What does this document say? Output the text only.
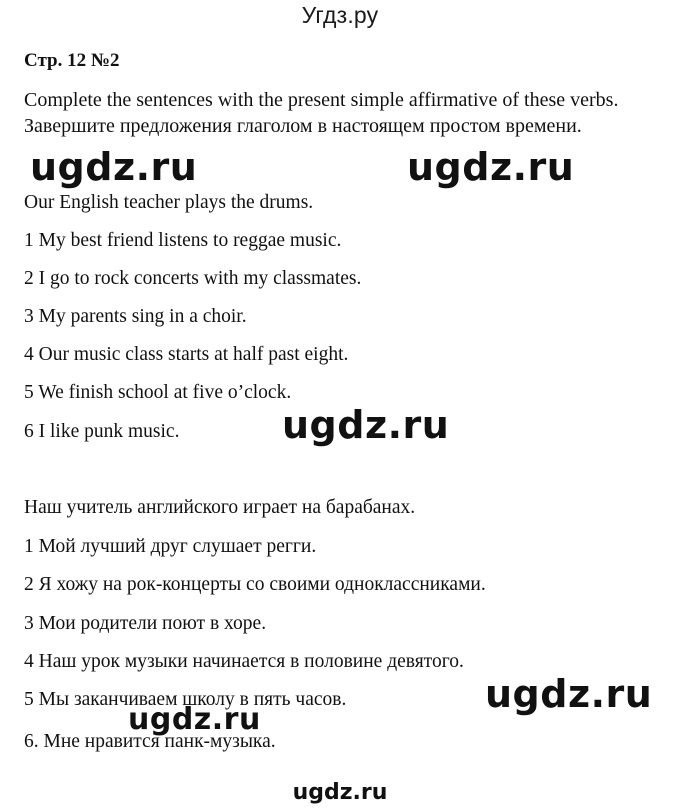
Угдз.ру
Стр. 12 №2
Complete the sentences with the present simple affirmative of these verbs.
Завершите предложения глаголом в настоящем простом времени.
ugdz.ru	ugdz.ru
Our English teacher plays the drums.
1 My best friend listens to reggae music.
2 I go to rock concerts with my classmates.
3 My parents sing in a choir.
4 Our music class starts at half past eight.
5 We finish school at five o’clock.
6 I like punk music.	ugdz.ru
Наш учитель английского играет на барабанах.
1 Мой лучший друг слушает регги.
2 Я хожу на рок-концерты со своими одноклассниками.
3 Мои родители поют в хоре.
4 Наш урок музыки начинается в половине девятого.
5 Мы заканчиваем школу в пять часов.
6. Мне нравится панк-музыка.
ugdz.ru
ugdz.ru
ugdz.ru
